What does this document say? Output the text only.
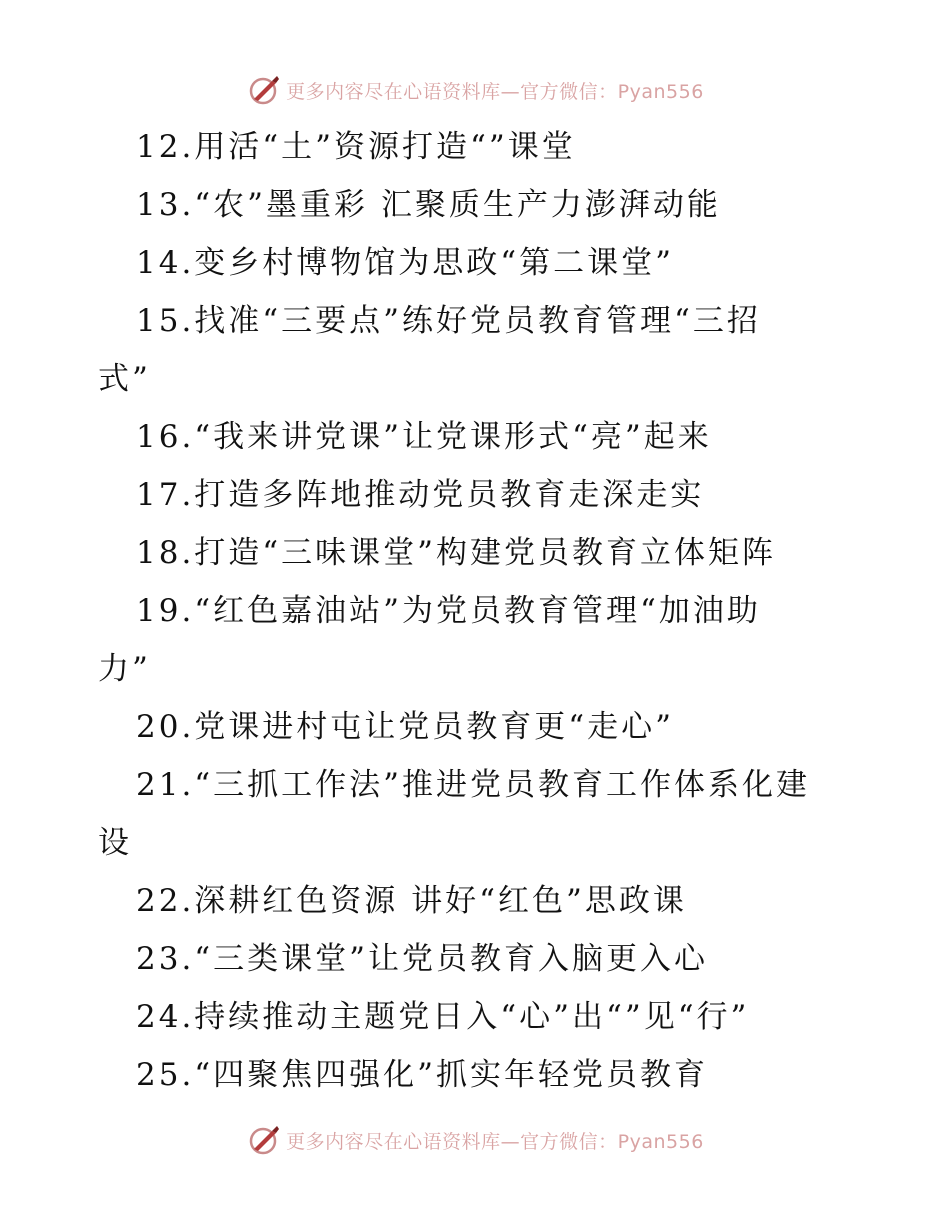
更多内容尽在心语资料库—官方微信：Pyan556
12.用活“土”资源打造“”课堂
13.“农”墨重彩 汇聚质生产力澎湃动能
14.变乡村博物馆为思政“第二课堂”
15.找准“三要点”练好党员教育管理“三招
式”
16.“我来讲党课”让党课形式“亮”起来
17.打造多阵地推动党员教育走深走实
18.打造“三味课堂”构建党员教育立体矩阵
19.“红色嘉油站”为党员教育管理“加油助
力”
20.党课进村屯让党员教育更“走心”
21.“三抓工作法”推进党员教育工作体系化建
设
22.深耕红色资源 讲好“红色”思政课
23.“三类课堂”让党员教育入脑更入心
24.持续推动主题党日入“心”出“”见“行”
25.“四聚焦四强化”抓实年轻党员教育
更多内容尽在心语资料库—官方微信：Pyan556
